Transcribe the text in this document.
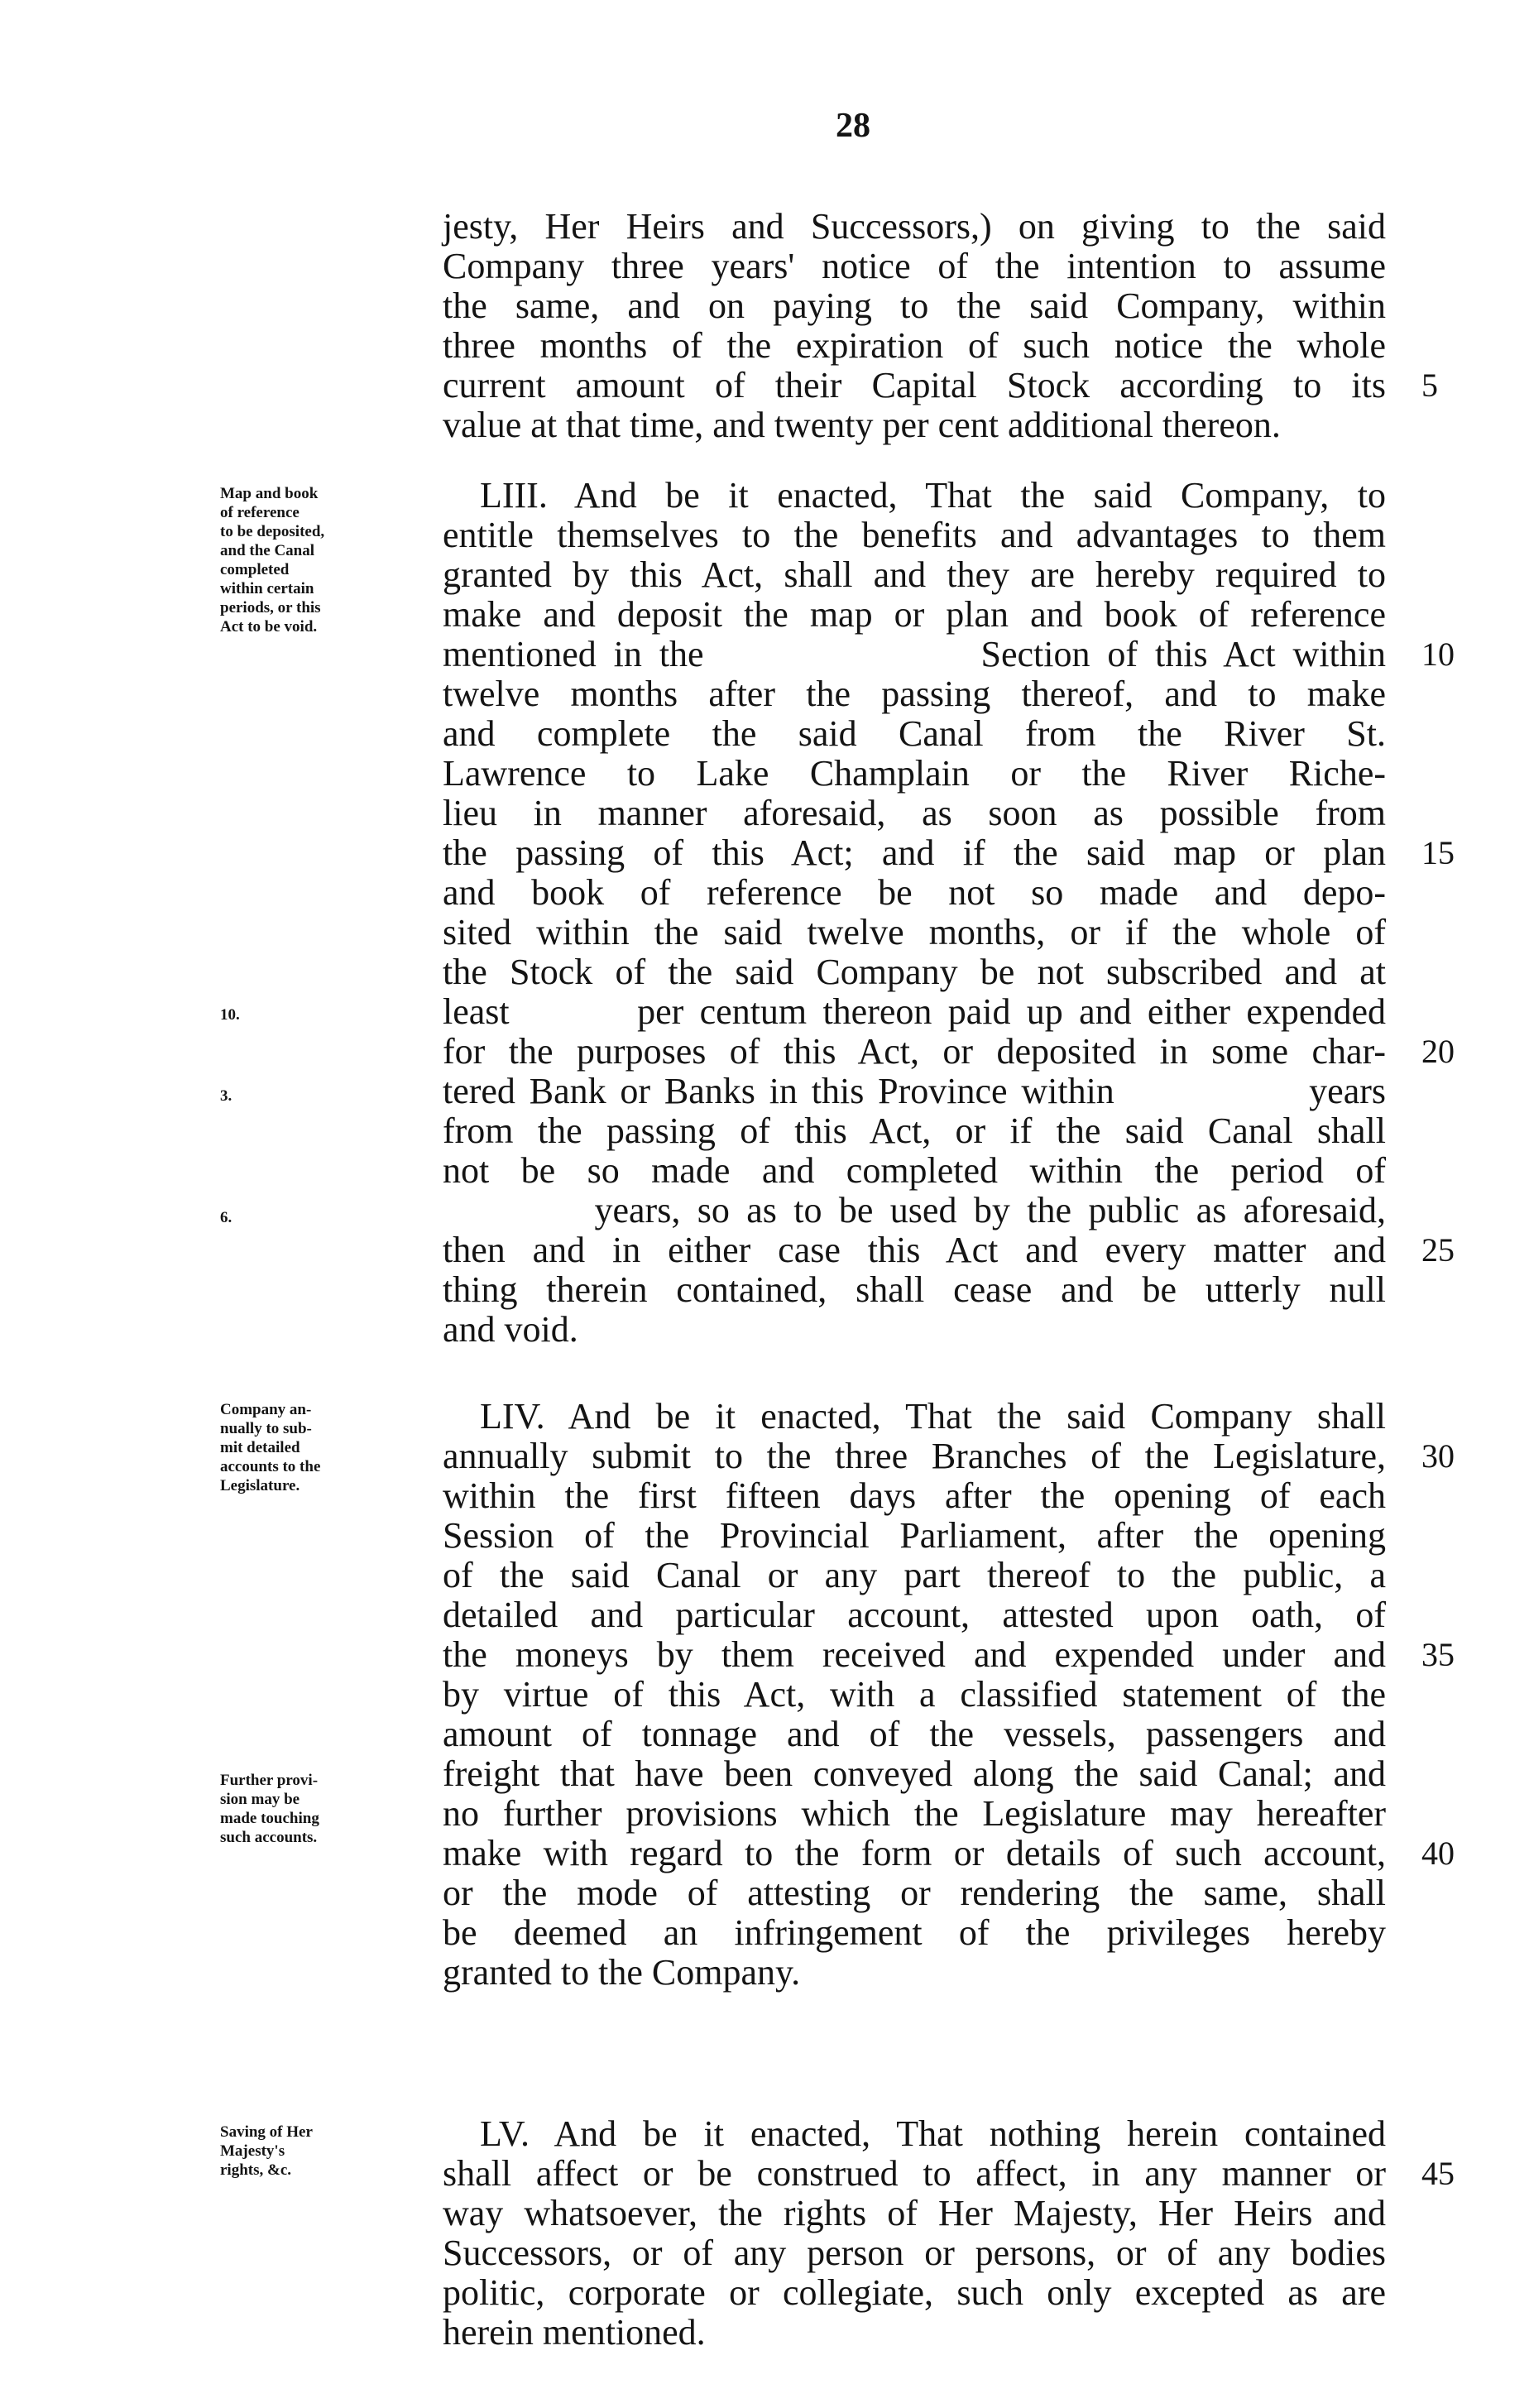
28
jesty, Her Heirs and Successors,) on giving to the said
Company three years' notice of the intention to assume
the same, and on paying to the said Company, within
three months of the expiration of such notice the whole
current amount of their Capital Stock according to its
value at that time, and twenty per cent additional thereon.
LIII. And be it enacted, That the said Company, to
entitle themselves to the benefits and advantages to them
granted by this Act, shall and they are hereby required to
make and deposit the map or plan and book of reference
mentioned in the                Section of this Act within
twelve months after the passing thereof, and to make
and complete the said Canal from the River St.
Lawrence to Lake Champlain or the River Riche-
lieu in manner aforesaid, as soon as possible from
the passing of this Act; and if the said map or plan
and book of reference be not so made and depo-
sited within the said twelve months, or if the whole of
the Stock of the said Company be not subscribed and at
least        per centum thereon paid up and either expended
for the purposes of this Act, or deposited in some char-
tered Bank or Banks in this Province within              years
from the passing of this Act, or if the said Canal shall
not be so made and completed within the period of
years, so as to be used by the public as aforesaid,
then and in either case this Act and every matter and
thing therein contained, shall cease and be utterly null
and void.
LIV. And be it enacted, That the said Company shall
annually submit to the three Branches of the Legislature,
within the first fifteen days after the opening of each
Session of the Provincial Parliament, after the opening
of the said Canal or any part thereof to the public, a
detailed and particular account, attested upon oath, of
the moneys by them received and expended under and
by virtue of this Act, with a classified statement of the
amount of tonnage and of the vessels, passengers and
freight that have been conveyed along the said Canal; and
no further provisions which the Legislature may hereafter
make with regard to the form or details of such account,
or the mode of attesting or rendering the same, shall
be deemed an infringement of the privileges hereby
granted to the Company.
LV. And be it enacted, That nothing herein contained
shall affect or be construed to affect, in any manner or
way whatsoever, the rights of Her Majesty, Her Heirs and
Successors, or of any person or persons, or of any bodies
politic, corporate or collegiate, such only excepted as are
herein mentioned.
5
10
15
20
25
30
35
40
45
Map and book
of reference
to be deposited,
and the Canal
completed
within certain
periods, or this
Act to be void.
10.
3.
6.
Company an-
nually to sub-
mit detailed
accounts to the
Legislature.
Further provi-
sion may be
made touching
such accounts.
Saving of Her
Majesty's
rights, &c.
